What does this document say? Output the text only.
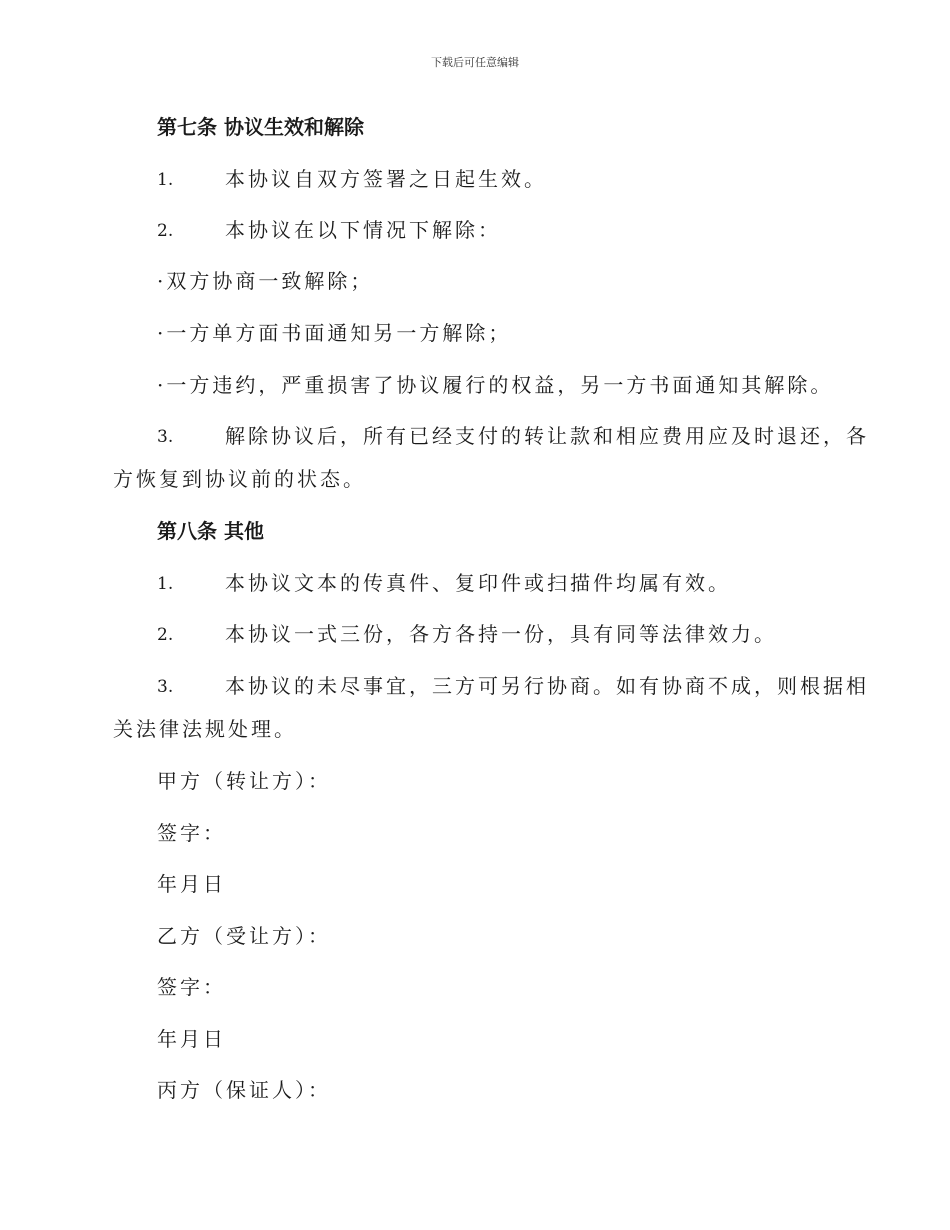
下载后可任意编辑
第七条 协议生效和解除
1.	本协议自双方签署之日起生效。
2.	本协议在以下情况下解除：
·双方协商一致解除；
·一方单方面书面通知另一方解除；
·一方违约，严重损害了协议履行的权益，另一方书面通知其解除。
3.	解除协议后，所有已经支付的转让款和相应费用应及时退还，各
方恢复到协议前的状态。
第八条 其他
1.	本协议文本的传真件、复印件或扫描件均属有效。
2.	本协议一式三份，各方各持一份，具有同等法律效力。
3.	本协议的未尽事宜，三方可另行协商。如有协商不成，则根据相
关法律法规处理。
甲方（转让方）：
签字：
年月日
乙方（受让方）：
签字：
年月日
丙方（保证人）：
